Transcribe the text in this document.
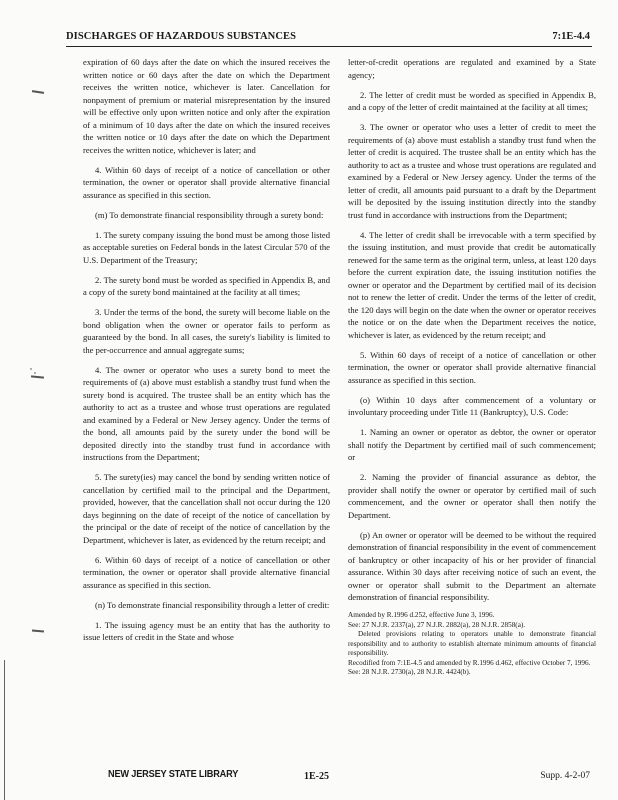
DISCHARGES OF HAZARDOUS SUBSTANCES	7:1E-4.4

expiration of 60 days after the date on which the insured receives the written notice or 60 days after the date on which the Department receives the written notice, whichever is later. Cancellation for nonpayment of premium or material misrepresentation by the insured will be effective only upon written notice and only after the expiration of a minimum of 10 days after the date on which the insured receives the written notice or 10 days after the date on which the Department receives the written notice, whichever is later; and

4. Within 60 days of receipt of a notice of cancellation or other termination, the owner or operator shall provide alternative financial assurance as specified in this section.

(m) To demonstrate financial responsibility through a surety bond:

1. The surety company issuing the bond must be among those listed as acceptable sureties on Federal bonds in the latest Circular 570 of the U.S. Department of the Treasury;

2. The surety bond must be worded as specified in Appendix B, and a copy of the surety bond maintained at the facility at all times;

3. Under the terms of the bond, the surety will become liable on the bond obligation when the owner or operator fails to perform as guaranteed by the bond. In all cases, the surety's liability is limited to the per-occurrence and annual aggregate sums;

4. The owner or operator who uses a surety bond to meet the requirements of (a) above must establish a standby trust fund when the surety bond is acquired. The trustee shall be an entity which has the authority to act as a trustee and whose trust operations are regulated and examined by a Federal or New Jersey agency. Under the terms of the bond, all amounts paid by the surety under the bond will be deposited directly into the standby trust fund in accordance with instructions from the Department;

5. The surety(ies) may cancel the bond by sending written notice of cancellation by certified mail to the principal and the Department, provided, however, that the cancellation shall not occur during the 120 days beginning on the date of receipt of the notice of cancellation by the principal or the date of receipt of the notice of cancellation by the Department, whichever is later, as evidenced by the return receipt; and

6. Within 60 days of receipt of a notice of cancellation or other termination, the owner or operator shall provide alternative financial assurance as specified in this section.

(n) To demonstrate financial responsibility through a letter of credit:

1. The issuing agency must be an entity that has the authority to issue letters of credit in the State and whose

letter-of-credit operations are regulated and examined by a State agency;

2. The letter of credit must be worded as specified in Appendix B, and a copy of the letter of credit maintained at the facility at all times;

3. The owner or operator who uses a letter of credit to meet the requirements of (a) above must establish a standby trust fund when the letter of credit is acquired. The trustee shall be an entity which has the authority to act as a trustee and whose trust operations are regulated and examined by a Federal or New Jersey agency. Under the terms of the letter of credit, all amounts paid pursuant to a draft by the Department will be deposited by the issuing institution directly into the standby trust fund in accordance with instructions from the Department;

4. The letter of credit shall be irrevocable with a term specified by the issuing institution, and must provide that credit be automatically renewed for the same term as the original term, unless, at least 120 days before the current expiration date, the issuing institution notifies the owner or operator and the Department by certified mail of its decision not to renew the letter of credit. Under the terms of the letter of credit, the 120 days will begin on the date when the owner or operator receives the notice or on the date when the Department receives the notice, whichever is later, as evidenced by the return receipt; and

5. Within 60 days of receipt of a notice of cancellation or other termination, the owner or operator shall provide alternative financial assurance as specified in this section.

(o) Within 10 days after commencement of a voluntary or involuntary proceeding under Title 11 (Bankruptcy), U.S. Code:

1. Naming an owner or operator as debtor, the owner or operator shall notify the Department by certified mail of such commencement; or

2. Naming the provider of financial assurance as debtor, the provider shall notify the owner or operator by certified mail of such commencement, and the owner or operator shall then notify the Department.

(p) An owner or operator will be deemed to be without the required demonstration of financial responsibility in the event of commencement of bankruptcy or other incapacity of his or her provider of financial assurance. Within 30 days after receiving notice of such an event, the owner or operator shall submit to the Department an alternate demonstration of financial responsibility.

Amended by R.1996 d.252, effective June 3, 1996.
See: 27 N.J.R. 2337(a), 27 N.J.R. 2882(a), 28 N.J.R. 2858(a).
Deleted provisions relating to operators unable to demonstrate financial responsibility and to authority to establish alternate minimum amounts of financial responsibility.
Recodified from 7:1E-4.5 and amended by R.1996 d.462, effective October 7, 1996.
See: 28 N.J.R. 2730(a), 28 N.J.R. 4424(b).
NEW JERSEY STATE LIBRARY	1E-25	Supp. 4-2-07
